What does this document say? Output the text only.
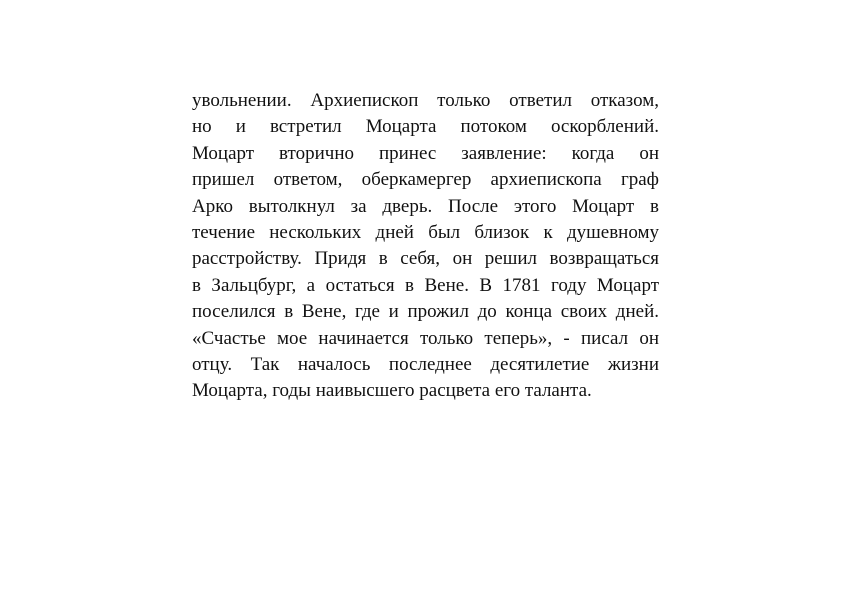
увольнении. Архиепископ только ответил отказом,
но и встретил Моцарта потоком оскорблений.
Моцарт вторично принес заявление: когда он
пришел ответом, оберкамергер архиепископа граф
Арко вытолкнул за дверь. После этого Моцарт в
течение нескольких дней был близок к душевному
расстройству. Придя в себя, он решил возвращаться
в Зальцбург, а остаться в Вене. В 1781 году Моцарт
поселился в Вене, где и прожил до конца своих дней.
«Счастье мое начинается только теперь», - писал он
отцу. Так началось последнее десятилетие жизни
Моцарта, годы наивысшего расцвета его таланта.
